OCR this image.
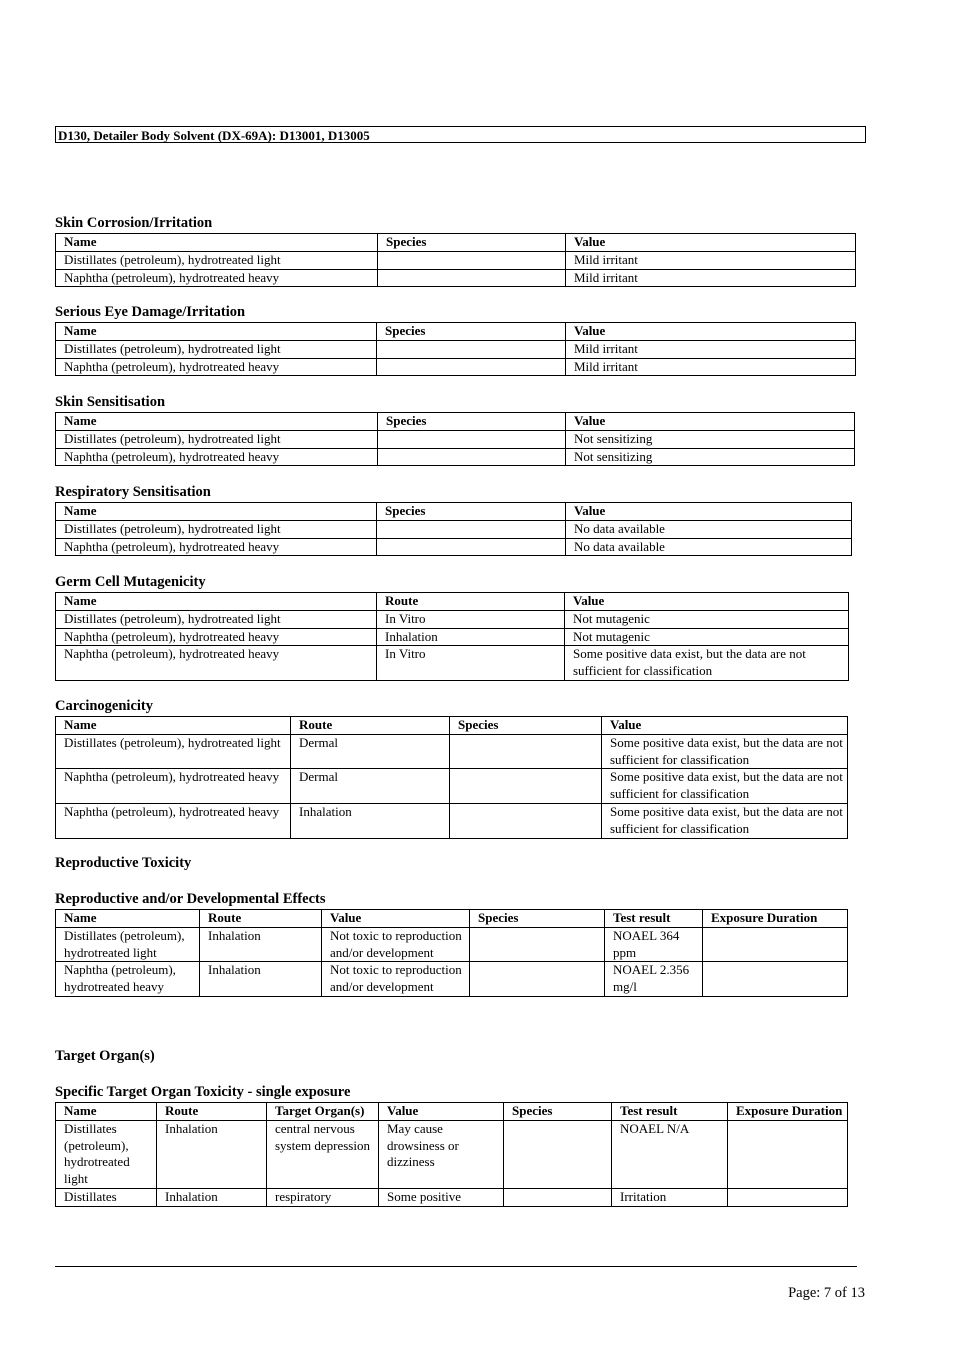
D130, Detailer Body Solvent (DX-69A): D13001, D13005
Skin Corrosion/Irritation
Name	Species	Value
Distillates (petroleum), hydrotreated light		Mild irritant
Naphtha (petroleum), hydrotreated heavy		Mild irritant
Serious Eye Damage/Irritation
Name	Species	Value
Distillates (petroleum), hydrotreated light		Mild irritant
Naphtha (petroleum), hydrotreated heavy		Mild irritant
Skin Sensitisation
Name	Species	Value
Distillates (petroleum), hydrotreated light		Not sensitizing
Naphtha (petroleum), hydrotreated heavy		Not sensitizing
Respiratory Sensitisation
Name	Species	Value
Distillates (petroleum), hydrotreated light		No data available
Naphtha (petroleum), hydrotreated heavy		No data available
Germ Cell Mutagenicity
Name	Route	Value
Distillates (petroleum), hydrotreated light	In Vitro	Not mutagenic
Naphtha (petroleum), hydrotreated heavy	Inhalation	Not mutagenic
Naphtha (petroleum), hydrotreated heavy	In Vitro	Some positive data exist, but the data are not sufficient for classification
Carcinogenicity
Name	Route	Species	Value
Distillates (petroleum), hydrotreated light	Dermal		Some positive data exist, but the data are not sufficient for classification
Naphtha (petroleum), hydrotreated heavy	Dermal		Some positive data exist, but the data are not sufficient for classification
Naphtha (petroleum), hydrotreated heavy	Inhalation		Some positive data exist, but the data are not sufficient for classification
Reproductive Toxicity
Reproductive and/or Developmental Effects
Name	Route	Value	Species	Test result	Exposure Duration
Distillates (petroleum), hydrotreated light	Inhalation	Not toxic to reproduction and/or development		NOAEL 364 ppm	
Naphtha (petroleum), hydrotreated heavy	Inhalation	Not toxic to reproduction and/or development		NOAEL 2.356 mg/l	
Target Organ(s)
Specific Target Organ Toxicity - single exposure
Name	Route	Target Organ(s)	Value	Species	Test result	Exposure Duration
Distillates (petroleum), hydrotreated light	Inhalation	central nervous system depression	May cause drowsiness or dizziness		NOAEL N/A	
Distillates	Inhalation	respiratory	Some positive		Irritation	
Page: 7 of 13
